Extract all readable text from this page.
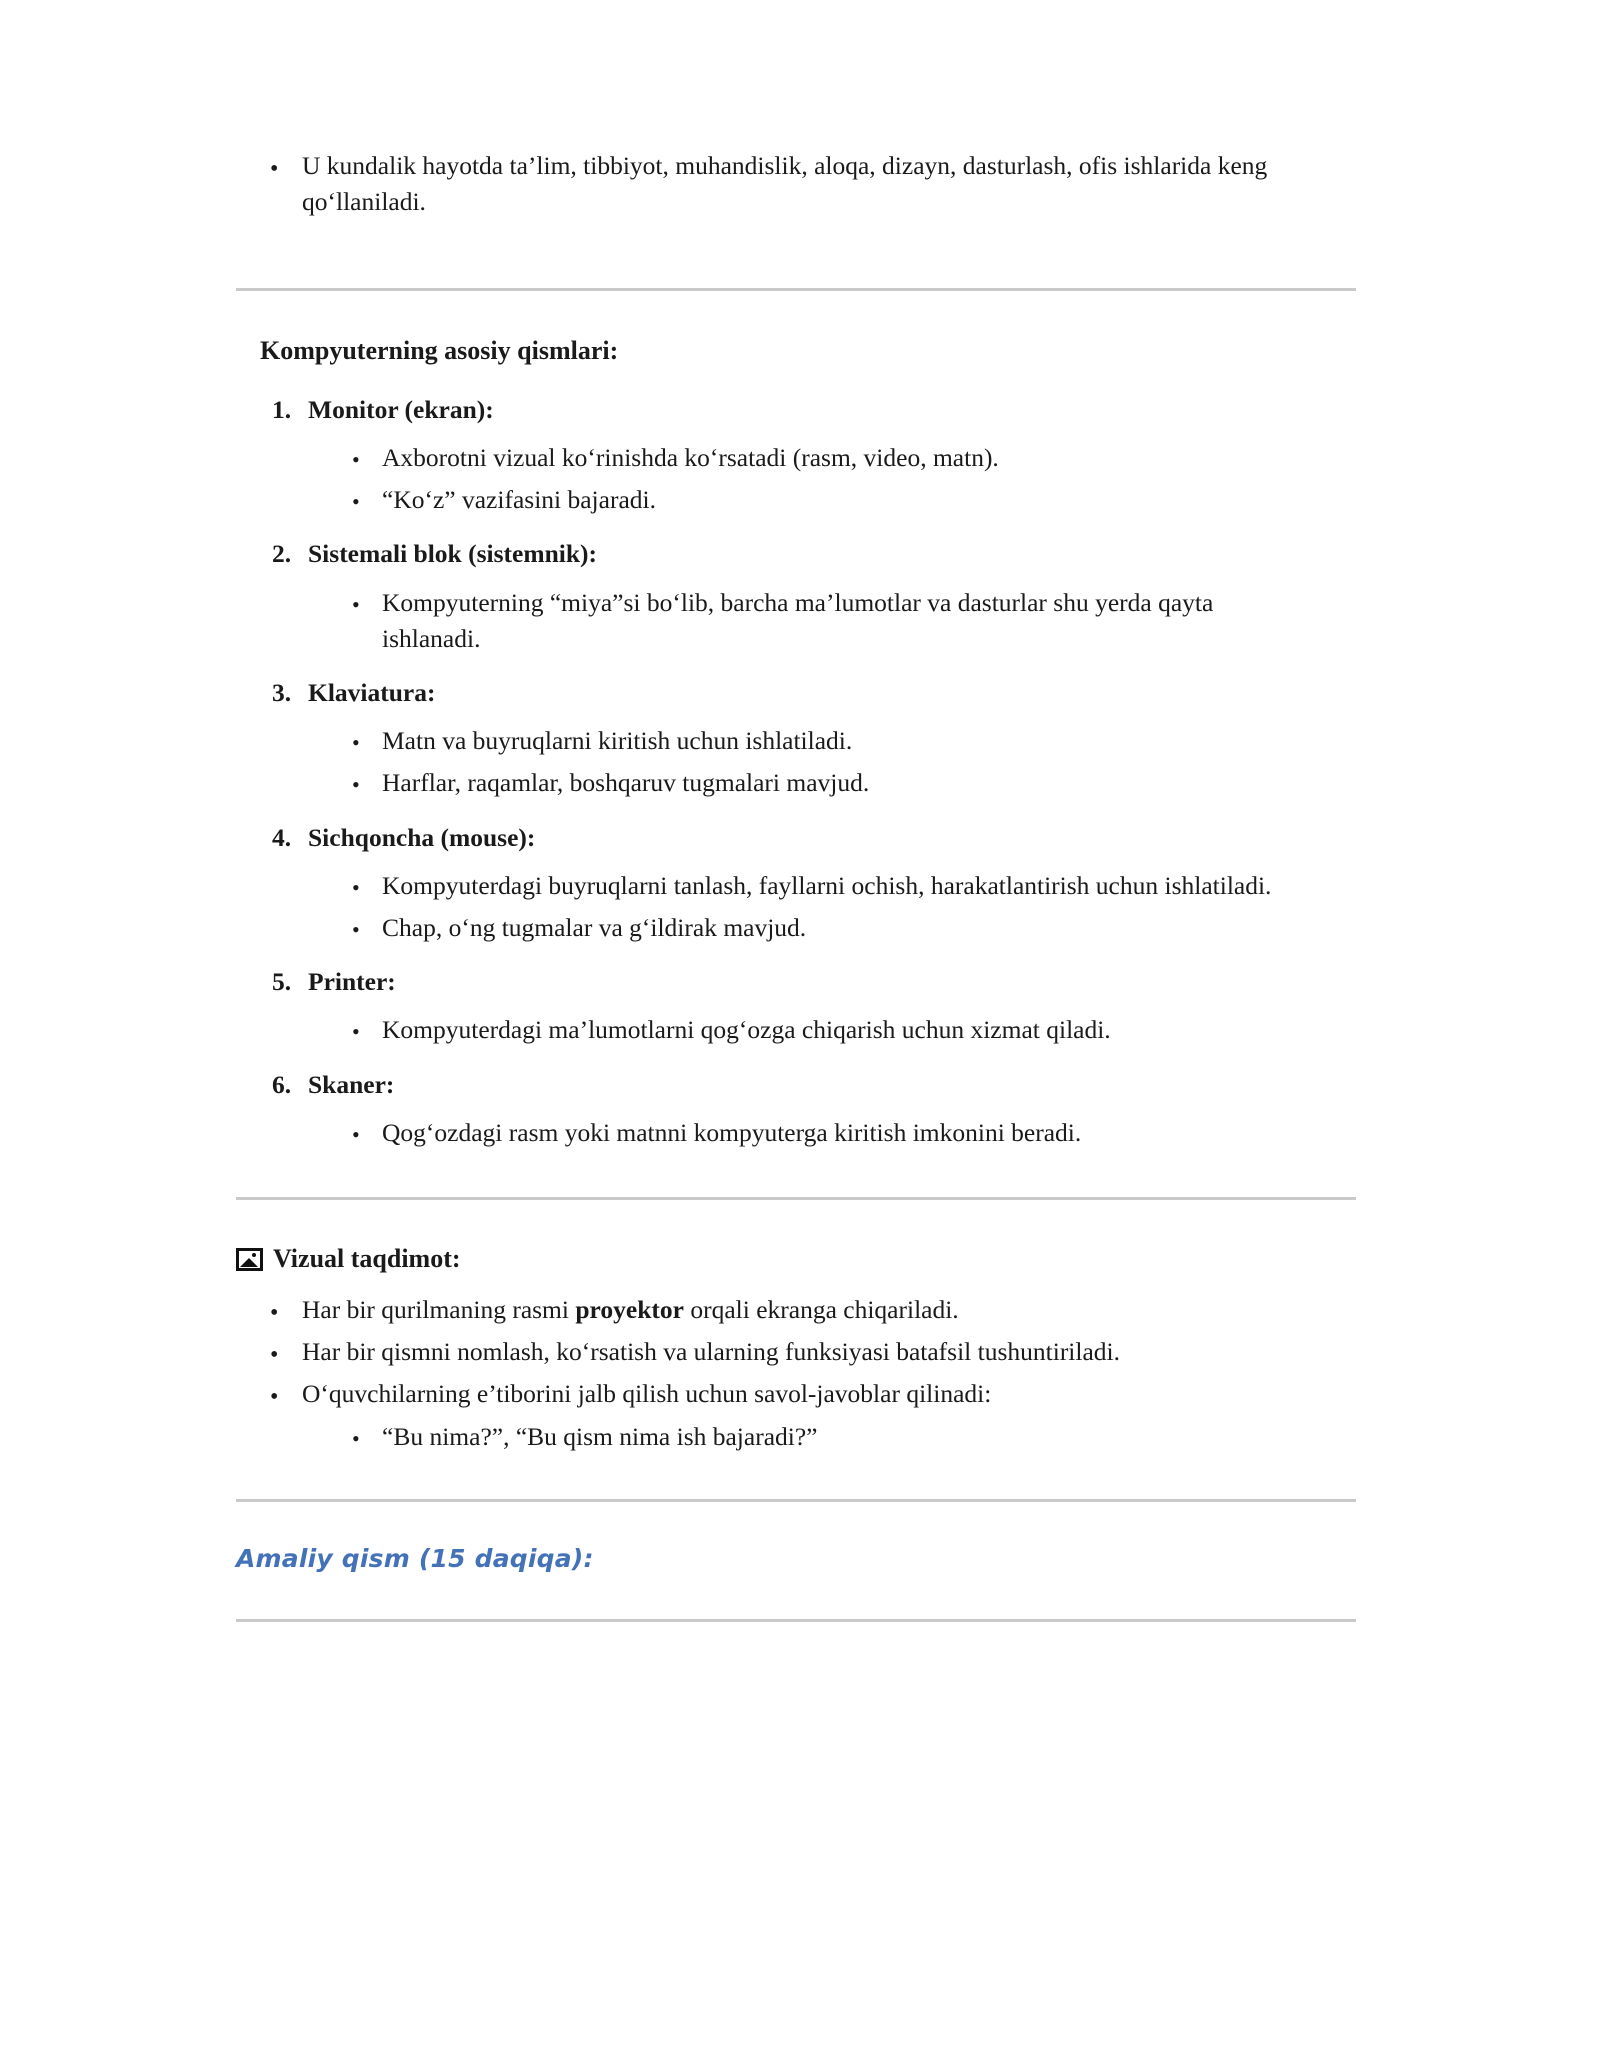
• U kundalik hayotda ta’lim, tibbiyot, muhandislik, aloqa, dizayn, dasturlash, ofis ishlarida keng qo‘llaniladi.
Kompyuterning asosiy qismlari:
1. Monitor (ekran):
• Axborotni vizual ko‘rinishda ko‘rsatadi (rasm, video, matn).
• “Ko‘z” vazifasini bajaradi.
2. Sistemali blok (sistemnik):
• Kompyuterning “miya”si bo‘lib, barcha ma’lumotlar va dasturlar shu yerda qayta ishlanadi.
3. Klaviatura:
• Matn va buyruqlarni kiritish uchun ishlatiladi.
• Harflar, raqamlar, boshqaruv tugmalari mavjud.
4. Sichqoncha (mouse):
• Kompyuterdagi buyruqlarni tanlash, fayllarni ochish, harakatlantirish uchun ishlatiladi.
• Chap, o‘ng tugmalar va g‘ildirak mavjud.
5. Printer:
• Kompyuterdagi ma’lumotlarni qog‘ozga chiqarish uchun xizmat qiladi.
6. Skaner:
• Qog‘ozdagi rasm yoki matnni kompyuterga kiritish imkonini beradi.
Vizual taqdimot:
• Har bir qurilmaning rasmi proyektor orqali ekranga chiqariladi.
• Har bir qismni nomlash, ko‘rsatish va ularning funksiyasi batafsil tushuntiriladi.
• O‘quvchilarning e’tiborini jalb qilish uchun savol-javoblar qilinadi:
• “Bu nima?”, “Bu qism nima ish bajaradi?”
Amaliy qism (15 daqiqa):
